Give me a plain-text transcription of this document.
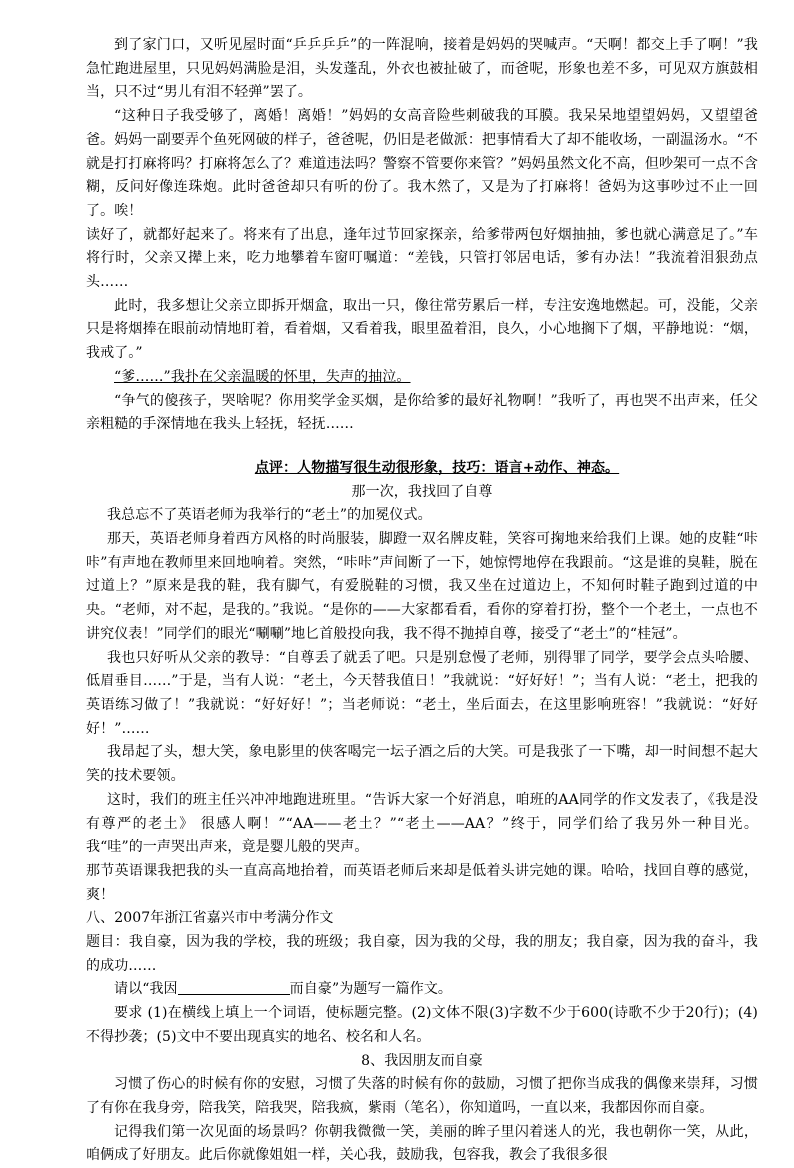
到了家门口，又听见屋时面“乒乒乒乒”的一阵混响，接着是妈妈的哭喊声。“天啊！都交上手了啊！”我急忙跑进屋里，只见妈妈满脸是泪，头发蓬乱，外衣也被扯破了，而爸呢，形象也差不多，可见双方旗鼓相当，只不过“男儿有泪不轻弹”罢了。

“这种日子我受够了，离婚！离婚！”妈妈的女高音险些刺破我的耳膜。我呆呆地望望妈妈，又望望爸爸。妈妈一副要弄个鱼死网破的样子，爸爸呢，仍旧是老做派：把事情看大了却不能收场，一副温汤水。“不就是打打麻将吗？打麻将怎么了？难道违法吗？警察不管要你来管？”妈妈虽然文化不高，但吵架可一点不含糊，反问好像连珠炮。此时爸爸却只有听的份了。我木然了，又是为了打麻将！爸妈为这事吵过不止一回了。唉！

读好了，就都好起来了。将来有了出息，逢年过节回家探亲，给爹带两包好烟抽抽，爹也就心满意足了。”车将行时，父亲又撵上来，吃力地攀着车窗叮嘱道：“差钱，只管打邻居电话，爹有办法！”我流着泪狠劲点头……

此时，我多想让父亲立即拆开烟盒，取出一只，像往常劳累后一样，专注安逸地燃起。可，没能，父亲只是将烟捧在眼前动情地盯着，看着烟，又看着我，眼里盈着泪，良久，小心地搁下了烟，平静地说：“烟，我戒了。”

“爹……”我扑在父亲温暖的怀里，失声的抽泣。

“争气的傻孩子，哭啥呢？你用奖学金买烟，是你给爹的最好礼物啊！”我听了，再也哭不出声来，任父亲粗糙的手深情地在我头上轻抚，轻抚……

点评：人物描写很生动很形象，技巧：语言+动作、神态。

那一次，我找回了自尊

我总忘不了英语老师为我举行的“老土”的加冕仪式。

那天，英语老师身着西方风格的时尚服装，脚蹬一双名牌皮鞋，笑容可掬地来给我们上课。她的皮鞋“咔咔”有声地在教师里来回地响着。突然，“咔咔”声间断了一下，她惊愕地停在我跟前。“这是谁的臭鞋，脱在过道上？”原来是我的鞋，我有脚气，有爱脱鞋的习惯，我又坐在过道边上，不知何时鞋子跑到过道的中央。“老师，对不起，是我的。”我说。“是你的——大家都看看，看你的穿着打扮，整个一个老土，一点也不讲究仪表！”同学们的眼光“唰唰”地匕首般投向我，我不得不抛掉自尊，接受了“老土”的“桂冠”。

我也只好听从父亲的教导：“自尊丢了就丢了吧。只是别怠慢了老师，别得罪了同学，要学会点头哈腰、低眉垂目……”于是，当有人说：“老土，今天替我值日！”我就说：“好好好！”；当有人说：“老土，把我的英语练习做了！”我就说：“好好好！”；当老师说：“老土，坐后面去，在这里影响班容！”我就说：“好好好！”……

我昂起了头，想大笑，象电影里的侠客喝完一坛子酒之后的大笑。可是我张了一下嘴，却一时间想不起大笑的技术要领。

这时，我们的班主任兴冲冲地跑进班里。“告诉大家一个好消息，咱班的AA同学的作文发表了，《我是没有尊严的老土》 很感人啊！”“AA——老土？”“老土——AA？”终于，同学们给了我另外一种目光。我“哇”的一声哭出声来，竟是婴儿般的哭声。

那节英语课我把我的头一直高高地抬着，而英语老师后来却是低着头讲完她的课。哈哈，找回自尊的感觉，爽！

八、2007年浙江省嘉兴市中考满分作文

题目：我自豪，因为我的学校，我的班级；我自豪，因为我的父母，我的朋友；我自豪，因为我的奋斗，我的成功……

请以“我因	而自豪”为题写一篇作文。

要求 (1)在横线上填上一个词语，使标题完整。(2)文体不限(3)字数不少于600(诗歌不少于20行)；(4)不得抄袭；(5)文中不要出现真实的地名、校名和人名。

8、我因朋友而自豪

习惯了伤心的时候有你的安慰，习惯了失落的时候有你的鼓励，习惯了把你当成我的偶像来崇拜，习惯了有你在我身旁，陪我笑，陪我哭，陪我疯，紫雨（笔名），你知道吗，一直以来，我都因你而自豪。

记得我们第一次见面的场景吗？你朝我微微一笑，美丽的眸子里闪着迷人的光，我也朝你一笑，从此，咱俩成了好朋友。此后你就像姐姐一样，关心我，鼓励我，包容我，教会了我很多很
